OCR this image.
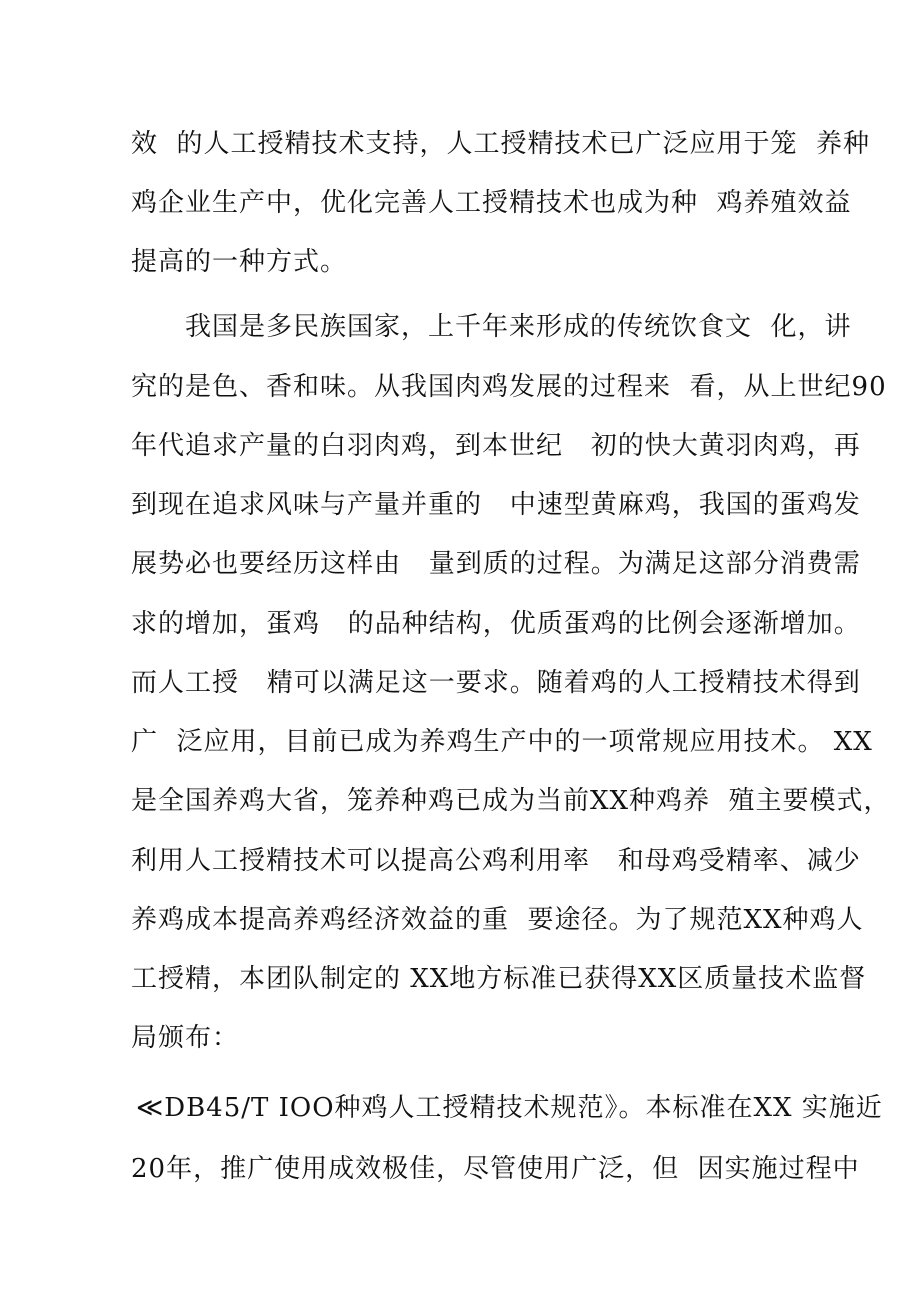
效  的人工授精技术支持，人工授精技术已广泛应用于笼  养种

鸡企业生产中，优化完善人工授精技术也成为种  鸡养殖效益

提高的一种方式。

我国是多民族国家，上千年来形成的传统饮食文  化，讲

究的是色、香和味。从我国肉鸡发展的过程来  看，从上世纪90

年代追求产量的白羽肉鸡，到本世纪   初的快大黄羽肉鸡，再

到现在追求风味与产量并重的   中速型黄麻鸡，我国的蛋鸡发

展势必也要经历这样由   量到质的过程。为满足这部分消费需

求的增加，蛋鸡   的品种结构，优质蛋鸡的比例会逐渐增加。

而人工授   精可以满足这一要求。随着鸡的人工授精技术得到

广  泛应用，目前已成为养鸡生产中的一项常规应用技术。 XX

是全国养鸡大省，笼养种鸡已成为当前XX种鸡养  殖主要模式，

利用人工授精技术可以提高公鸡利用率   和母鸡受精率、减少

养鸡成本提高养鸡经济效益的重  要途径。为了规范XX种鸡人

工授精，本团队制定的 XX地方标准已获得XX区质量技术监督

局颁布：

≪DB45/T IOO种鸡人工授精技术规范》。本标准在XX 实施近

20年，推广使用成效极佳，尽管使用广泛，但  因实施过程中
